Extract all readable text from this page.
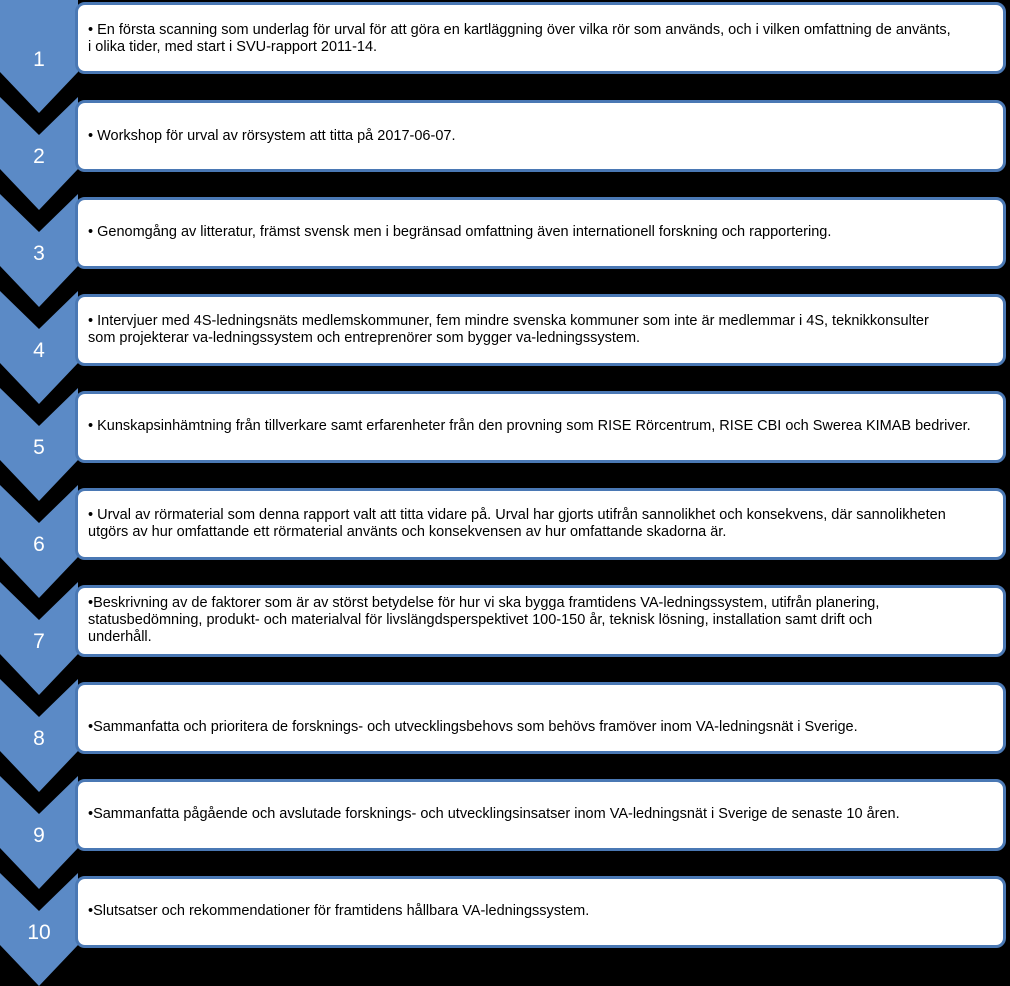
• En första scanning som underlag för urval för att göra en kartläggning över vilka rör som används, och i vilken omfattning de använts,
i olika tider, med start i SVU-rapport 2011-14.
1
• Workshop för urval av rörsystem att titta på 2017-06-07.
2
• Genomgång av litteratur, främst svensk men i begränsad omfattning även internationell forskning och rapportering.
3
• Intervjuer med 4S-ledningsnäts medlemskommuner, fem mindre svenska kommuner som inte är medlemmar i 4S, teknikkonsulter
som projekterar va-ledningssystem och entreprenörer som bygger va-ledningssystem.
4
• Kunskapsinhämtning från tillverkare samt erfarenheter från den provning som RISE Rörcentrum, RISE CBI och Swerea KIMAB bedriver.
5
• Urval av rörmaterial som denna rapport valt att titta vidare på. Urval har gjorts utifrån sannolikhet och konsekvens, där sannolikheten
utgörs av hur omfattande ett rörmaterial använts och konsekvensen av hur omfattande skadorna är.
6
•Beskrivning av de faktorer som är av störst betydelse för hur vi ska bygga framtidens VA-ledningssystem, utifrån planering,
statusbedömning, produkt- och materialval för livslängdsperspektivet 100-150 år, teknisk lösning, installation samt drift och
underhåll.
7
•Sammanfatta och prioritera de forsknings- och utvecklingsbehovs som behövs framöver inom VA-ledningsnät i Sverige.
8
•Sammanfatta pågående och avslutade forsknings- och utvecklingsinsatser inom VA-ledningsnät i Sverige de senaste 10 åren.
9
•Slutsatser och rekommendationer för framtidens hållbara VA-ledningssystem.
10
